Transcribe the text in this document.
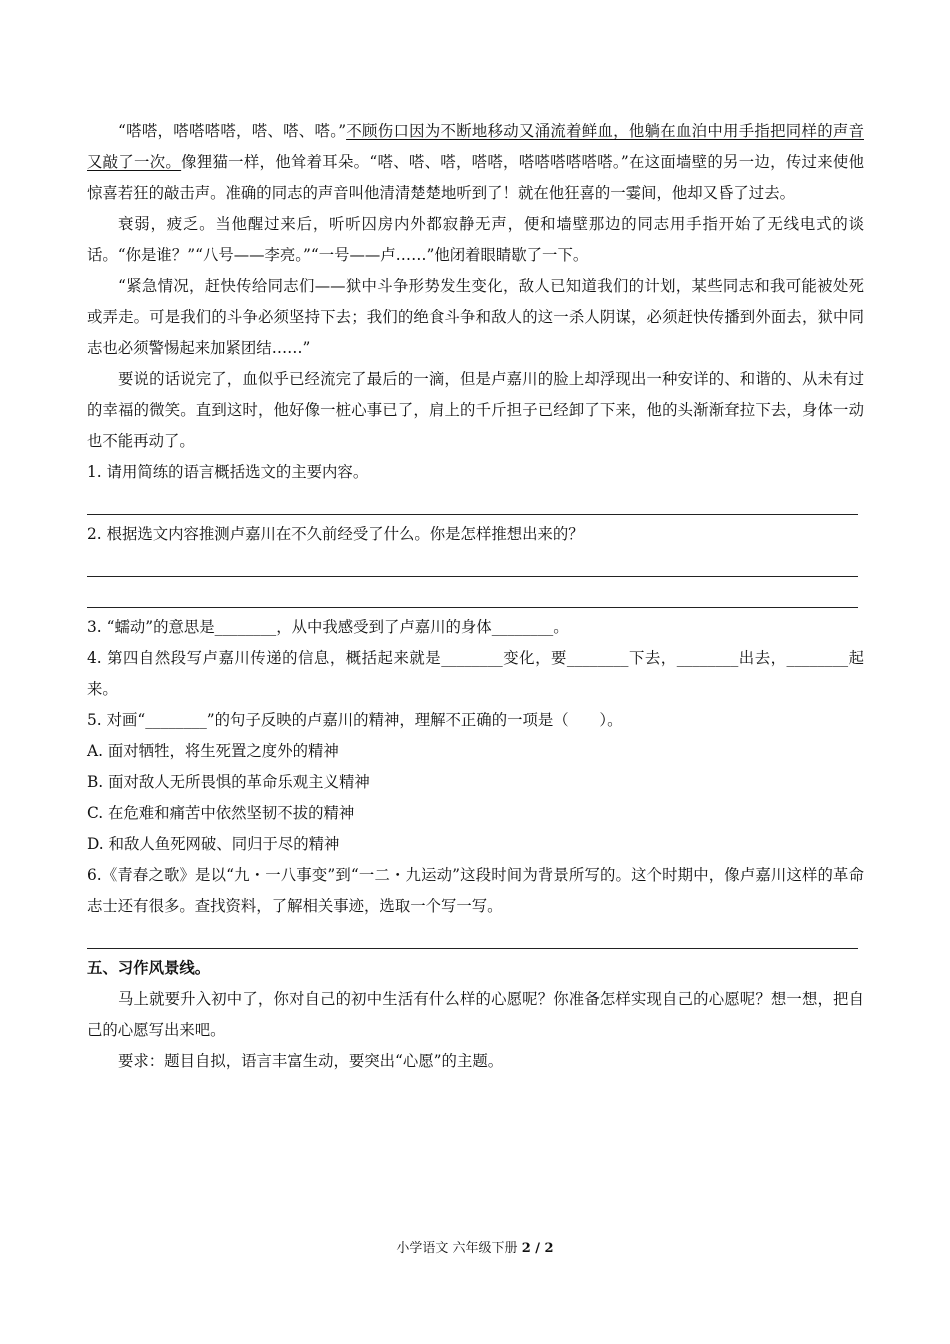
“嗒嗒，嗒嗒嗒嗒，嗒、嗒、嗒。”不顾伤口因为不断地移动又涌流着鲜血，他躺在血泊中用手指把同样的声音又敲了一次。像狸猫一样，他耸着耳朵。“嗒、嗒、嗒，嗒嗒，嗒嗒嗒嗒嗒嗒。”在这面墙壁的另一边，传过来使他惊喜若狂的敲击声。准确的同志的声音叫他清清楚楚地听到了！就在他狂喜的一霎间，他却又昏了过去。

衰弱，疲乏。当他醒过来后，听听囚房内外都寂静无声，便和墙壁那边的同志用手指开始了无线电式的谈话。“你是谁？”“八号——李亮。”“一号——卢……”他闭着眼睛歇了一下。

“紧急情况，赶快传给同志们——狱中斗争形势发生变化，敌人已知道我们的计划，某些同志和我可能被处死或弄走。可是我们的斗争必须坚持下去；我们的绝食斗争和敌人的这一杀人阴谋，必须赶快传播到外面去，狱中同志也必须警惕起来加紧团结……”

要说的话说完了，血似乎已经流完了最后的一滴，但是卢嘉川的脸上却浮现出一种安详的、和谐的、从未有过的幸福的微笑。直到这时，他好像一桩心事已了，肩上的千斤担子已经卸了下来，他的头渐渐耷拉下去，身体一动也不能再动了。

1. 请用简练的语言概括选文的主要内容。

2. 根据选文内容推测卢嘉川在不久前经受了什么。你是怎样推想出来的？

3. “蠕动”的意思是________，从中我感受到了卢嘉川的身体________。

4. 第四自然段写卢嘉川传递的信息，概括起来就是________变化，要________下去，________出去，________起来。

5. 对画“________”的句子反映的卢嘉川的精神，理解不正确的一项是（　　）。

A. 面对牺牲，将生死置之度外的精神

B. 面对敌人无所畏惧的革命乐观主义精神

C. 在危难和痛苦中依然坚韧不拔的精神

D. 和敌人鱼死网破、同归于尽的精神

6.《青春之歌》是以“九・一八事变”到“一二・九运动”这段时间为背景所写的。这个时期中，像卢嘉川这样的革命志士还有很多。查找资料，了解相关事迹，选取一个写一写。

五、习作风景线。

马上就要升入初中了，你对自己的初中生活有什么样的心愿呢？你准备怎样实现自己的心愿呢？想一想，把自己的心愿写出来吧。

要求：题目自拟，语言丰富生动，要突出“心愿”的主题。

小学语文 六年级下册 2 / 2
